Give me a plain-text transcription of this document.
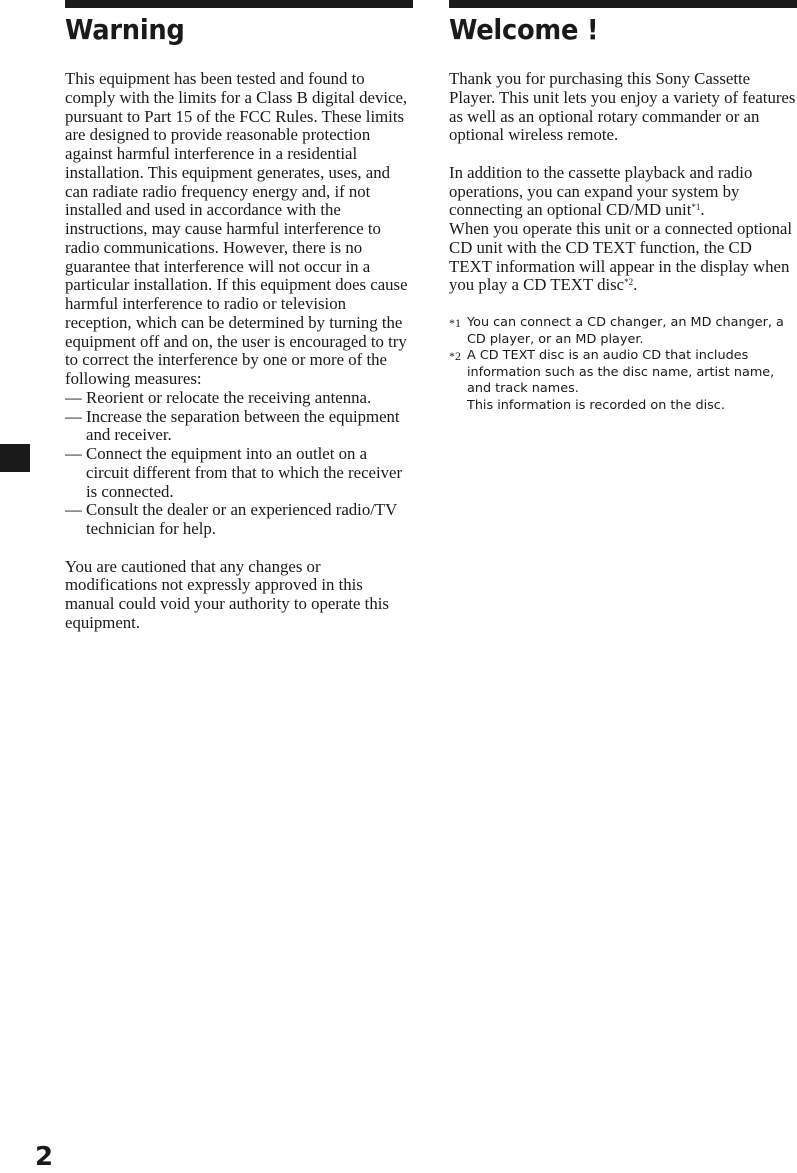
Warning

This equipment has been tested and found to comply with the limits for a Class B digital device, pursuant to Part 15 of the FCC Rules. These limits are designed to provide reasonable protection against harmful interference in a residential installation. This equipment generates, uses, and can radiate radio frequency energy and, if not installed and used in accordance with the instructions, may cause harmful interference to radio communications. However, there is no guarantee that interference will not occur in a particular installation. If this equipment does cause harmful interference to radio or television reception, which can be determined by turning the equipment off and on, the user is encouraged to try to correct the interference by one or more of the following measures:

— Reorient or relocate the receiving antenna.
— Increase the separation between the equipment and receiver.
— Connect the equipment into an outlet on a circuit different from that to which the receiver is connected.
— Consult the dealer or an experienced radio/TV technician for help.

You are cautioned that any changes or modifications not expressly approved in this manual could void your authority to operate this equipment.

Welcome !

Thank you for purchasing this Sony Cassette Player. This unit lets you enjoy a variety of features as well as an optional rotary commander or an optional wireless remote.

In addition to the cassette playback and radio operations, you can expand your system by connecting an optional CD/MD unit$^{*1}$.

When you operate this unit or a connected optional CD unit with the CD TEXT function, the CD TEXT information will appear in the display when you play a CD TEXT disc$^{*2}$.

*1 You can connect a CD changer, an MD changer, a CD player, or an MD player.
*2 A CD TEXT disc is an audio CD that includes information such as the disc name, artist name, and track names.
This information is recorded on the disc.
2
